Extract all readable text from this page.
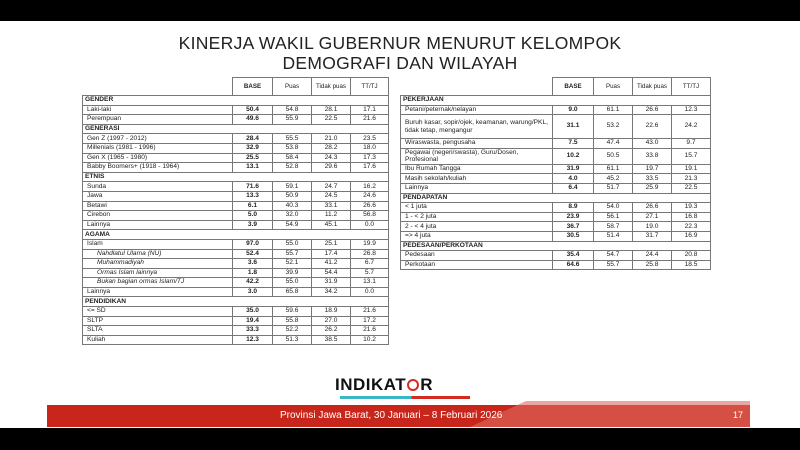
KINERJA WAKIL GUBERNUR MENURUT KELOMPOK
DEMOGRAFI DAN WILAYAH
	BASE	Puas	Tidak puas	TT/TJ
GENDER				
Laki-laki	50.4	54.8	28.1	17.1
Perempuan	49.6	55.9	22.5	21.6
GENERASI				
Gen Z (1997 - 2012)	28.4	55.5	21.0	23.5
Millenials (1981 - 1996)	32.9	53.8	28.2	18.0
Gen X (1965 - 1980)	25.5	58.4	24.3	17.3
Babby Boomers+ (1918 - 1964)	13.1	52.8	29.6	17.6
ETNIS				
Sunda	71.6	59.1	24.7	16.2
Jawa	13.3	50.9	24.5	24.6
Betawi	6.1	40.3	33.1	26.6
Cirebon	5.0	32.0	11.2	56.8
Lainnya	3.9	54.9	45.1	0.0
AGAMA				
Islam	97.0	55.0	25.1	19.9
Nahdlatul Ulama (NU)	52.4	55.7	17.4	26.8
Muhammadiyah	3.6	52.1	41.2	6.7
Ormas Islam lainnya	1.8	39.9	54.4	5.7
Bukan bagian ormas Islam/TJ	42.2	55.0	31.9	13.1
Lainnya	3.0	65.8	34.2	0.0
PENDIDIKAN				
<= SD	35.0	59.6	18.9	21.6
SLTP	19.4	55.8	27.0	17.2
SLTA	33.3	52.2	26.2	21.6
Kuliah	12.3	51.3	38.5	10.2
	BASE	Puas	Tidak puas	TT/TJ
PEKERJAAN				
Petani/peternak/nelayan	9.0	61.1	26.6	12.3
Buruh kasar, sopir/ojek, keamanan, warung/PKL, tidak tetap, mengangur	31.1	53.2	22.6	24.2
Wiraswasta, pengusaha	7.5	47.4	43.0	9.7
Pegawai (negeri/swasta), Guru/Dosen, Profesional	10.2	50.5	33.8	15.7
Ibu Rumah Tangga	31.9	61.1	19.7	19.1
Masih sekolah/kuliah	4.0	45.2	33.5	21.3
Lainnya	6.4	51.7	25.9	22.5
PENDAPATAN				
< 1 juta	8.9	54.0	26.6	19.3
1 - < 2 juta	23.9	56.1	27.1	16.8
2 - < 4 juta	36.7	58.7	19.0	22.3
=> 4 juta	30.5	51.4	31.7	16.9
PEDESAAN/PERKOTAAN				
Pedesaan	35.4	54.7	24.4	20.8
Perkotaan	64.6	55.7	25.8	18.5
INDIKAT R
Provinsi Jawa Barat, 30 Januari – 8 Februari 2026	17
